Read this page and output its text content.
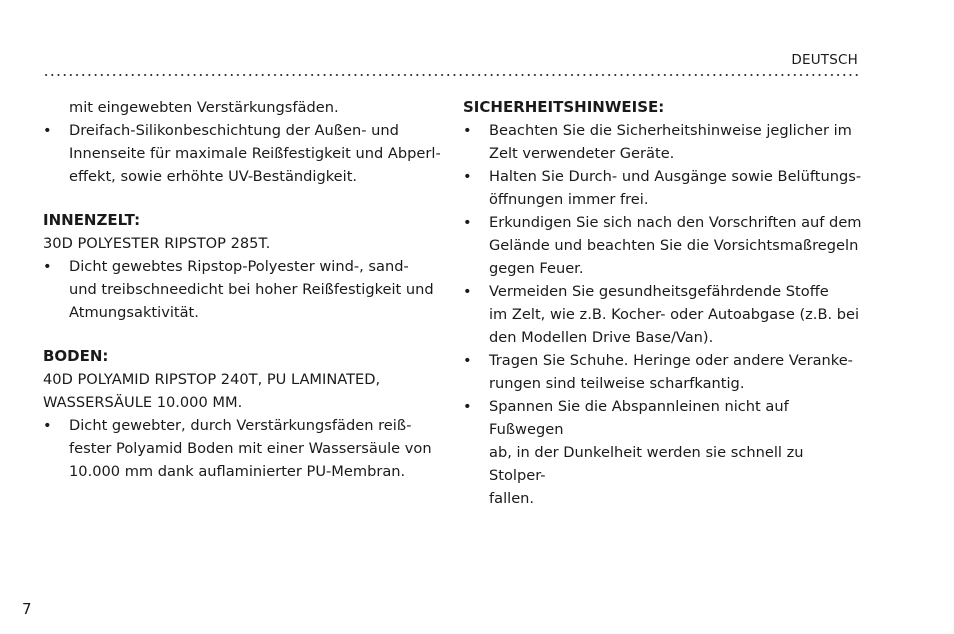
DEUTSCH
mit eingewebten Verstärkungsfäden.
• Dreifach-Silikonbeschichtung der Außen- und
Innenseite für maximale Reißfestigkeit und Abperl-
effekt, sowie erhöhte UV-Beständigkeit.
INNENZELT:
30D POLYESTER RIPSTOP 285T.
• Dicht gewebtes Ripstop-Polyester wind-, sand-
und treibschneedicht bei hoher Reißfestigkeit und
Atmungsaktivität.
BODEN:
40D POLYAMID RIPSTOP 240T, PU LAMINATED,
WASSERSÄULE 10.000 MM.
• Dicht gewebter, durch Verstärkungsfäden reiß-
fester Polyamid Boden mit einer Wassersäule von
10.000 mm dank auflaminierter PU-Membran.
SICHERHEITSHINWEISE:
• Beachten Sie die Sicherheitshinweise jeglicher im
Zelt verwendeter Geräte.
• Halten Sie Durch- und Ausgänge sowie Belüftungs-
öffnungen immer frei.
• Erkundigen Sie sich nach den Vorschriften auf dem
Gelände und beachten Sie die Vorsichtsmaßregeln
gegen Feuer.
• Vermeiden Sie gesundheitsgefährdende Stoffe
im Zelt, wie z.B. Kocher- oder Autoabgase (z.B. bei
den Modellen Drive Base/Van).
• Tragen Sie Schuhe. Heringe oder andere Veranke-
rungen sind teilweise scharfkantig.
• Spannen Sie die Abspannleinen nicht auf Fußwegen
ab, in der Dunkelheit werden sie schnell zu Stolper-
fallen.
7
